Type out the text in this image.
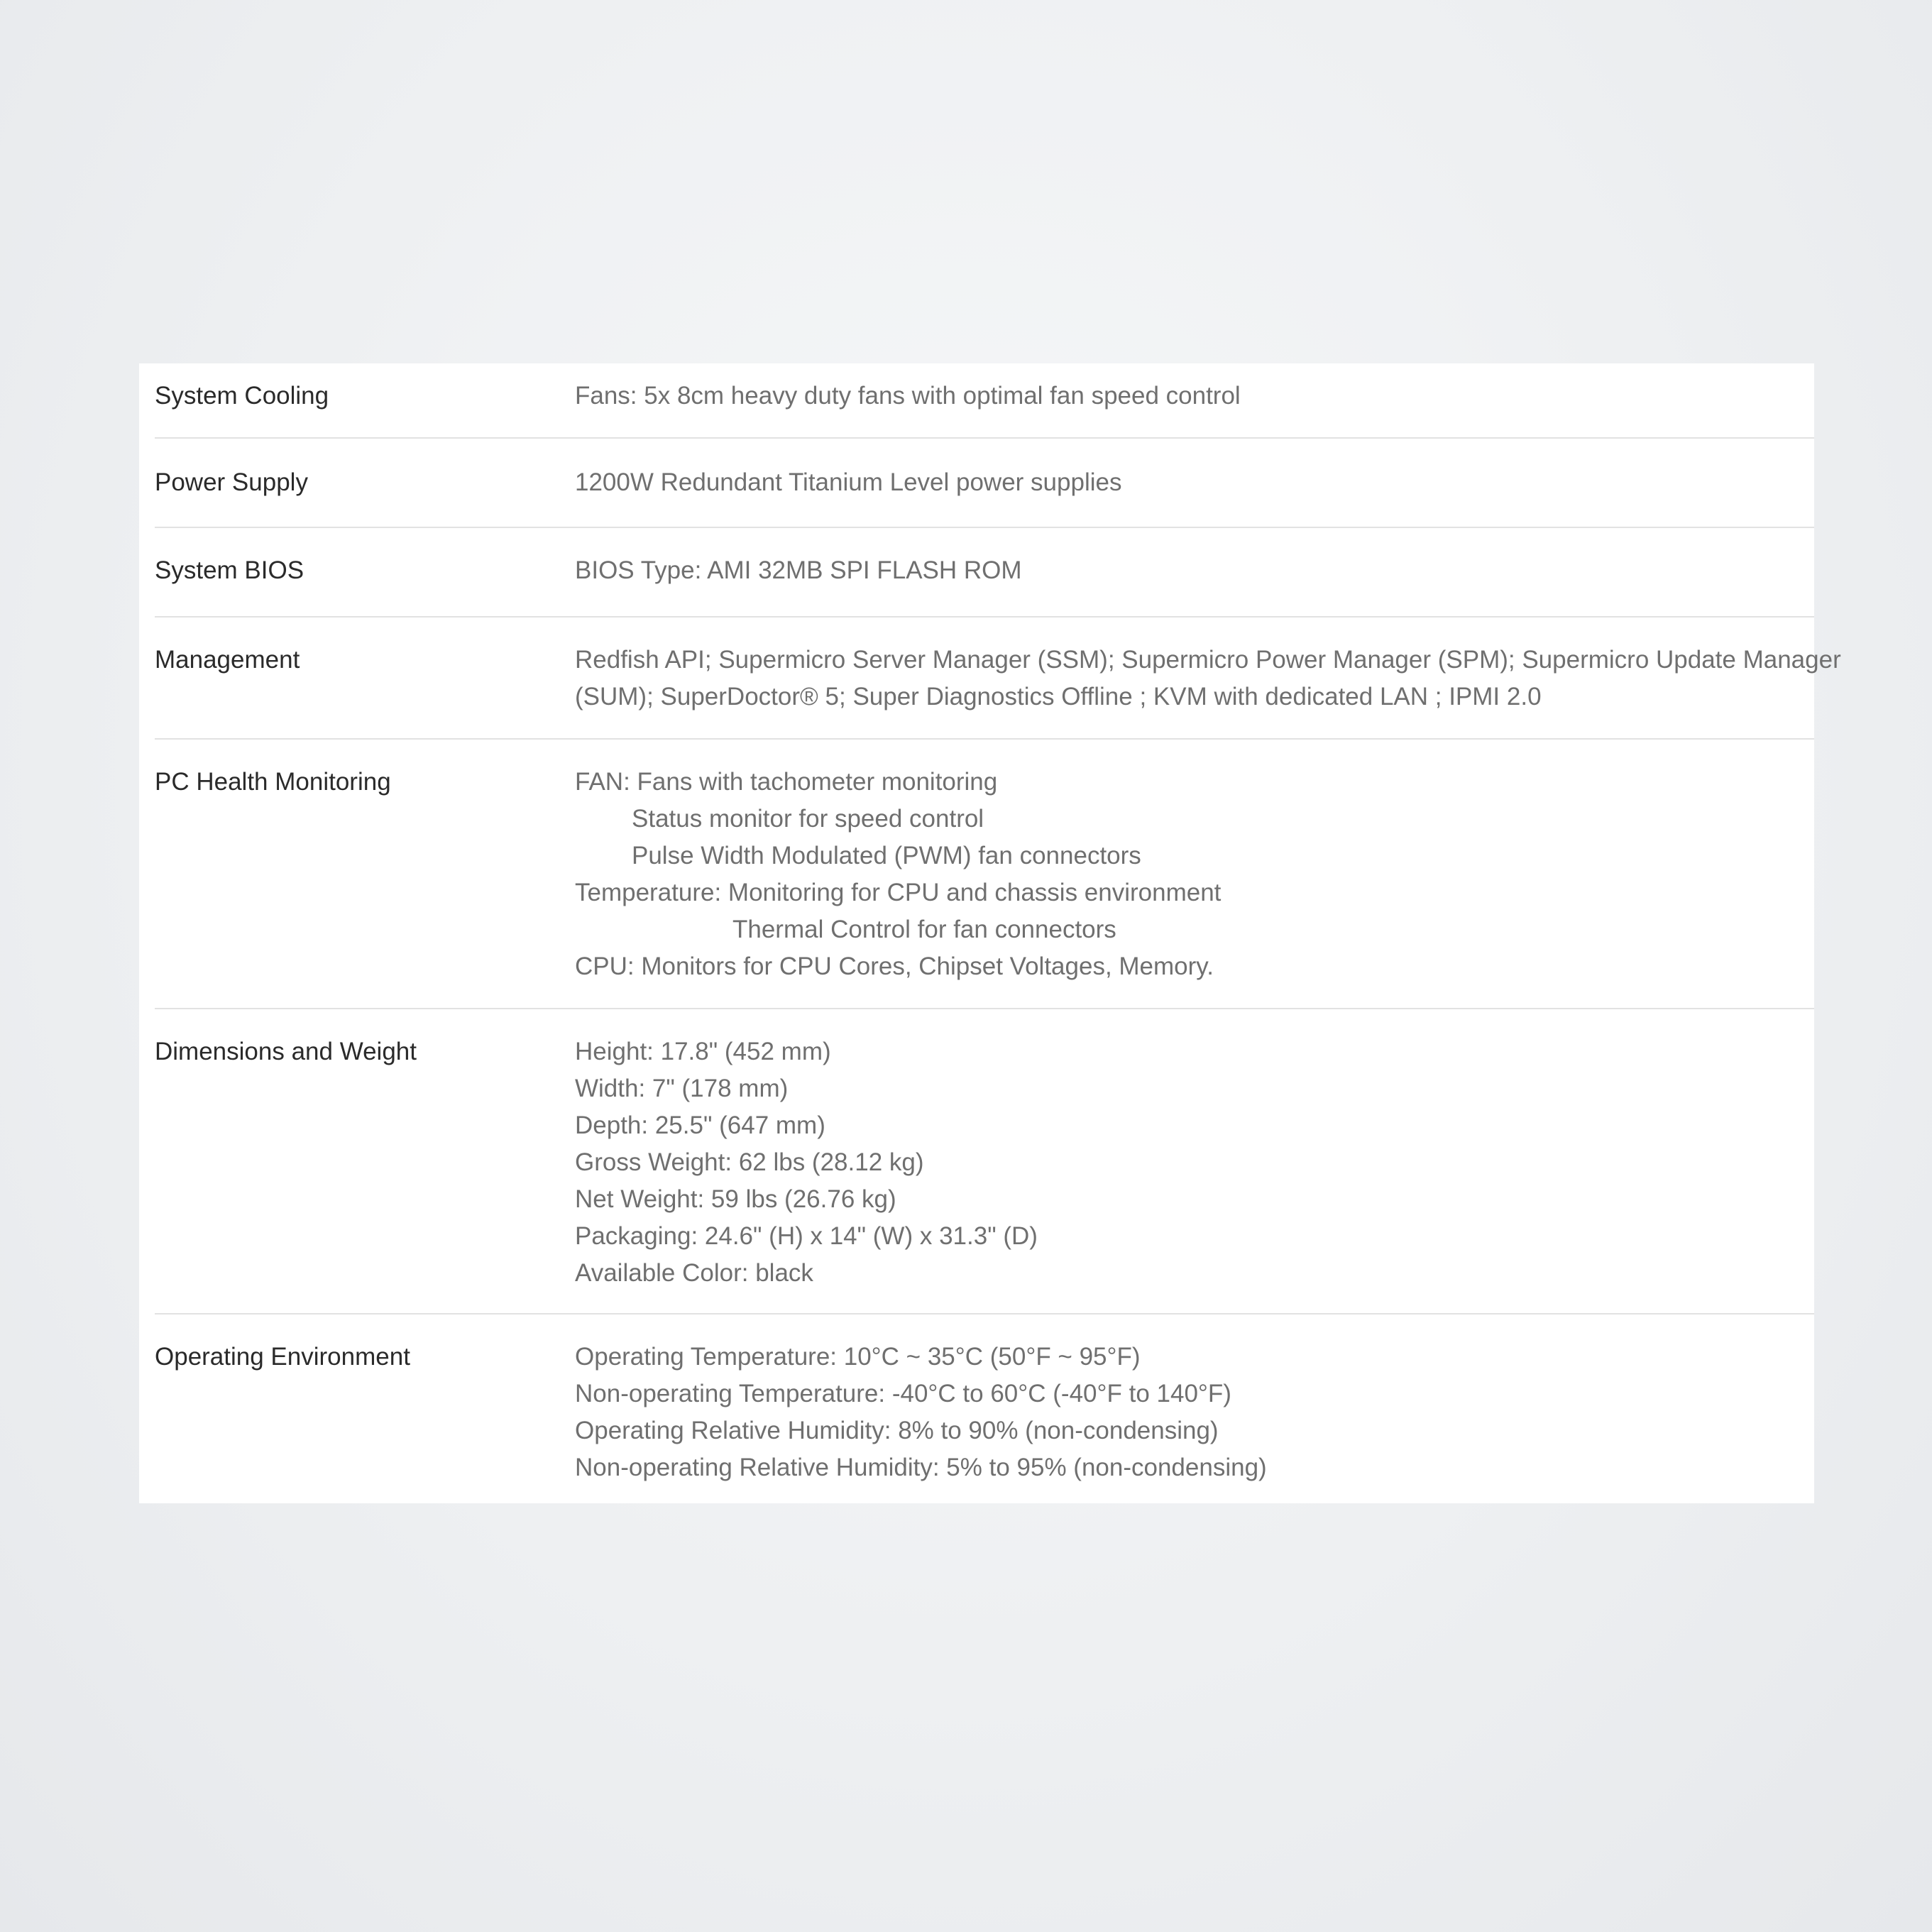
System Cooling	Fans: 5x 8cm heavy duty fans with optimal fan speed control
Power Supply	1200W Redundant Titanium Level power supplies
System BIOS	BIOS Type: AMI 32MB SPI FLASH ROM
Management	Redfish API; Supermicro Server Manager (SSM); Supermicro Power Manager (SPM); Supermicro Update Manager
(SUM); SuperDoctor® 5; Super Diagnostics Offline ; KVM with dedicated LAN ; IPMI 2.0
PC Health Monitoring	FAN: Fans with tachometer monitoring
Status monitor for speed control
Pulse Width Modulated (PWM) fan connectors
Temperature: Monitoring for CPU and chassis environment
Thermal Control for fan connectors
CPU: Monitors for CPU Cores, Chipset Voltages, Memory.
Dimensions and Weight	Height: 17.8" (452 mm)
Width: 7" (178 mm)
Depth: 25.5" (647 mm)
Gross Weight: 62 lbs (28.12 kg)
Net Weight: 59 lbs (26.76 kg)
Packaging: 24.6" (H) x 14" (W) x 31.3" (D)
Available Color: black
Operating Environment	Operating Temperature: 10°C ~ 35°C (50°F ~ 95°F)
Non-operating Temperature: -40°C to 60°C (-40°F to 140°F)
Operating Relative Humidity: 8% to 90% (non-condensing)
Non-operating Relative Humidity: 5% to 95% (non-condensing)
